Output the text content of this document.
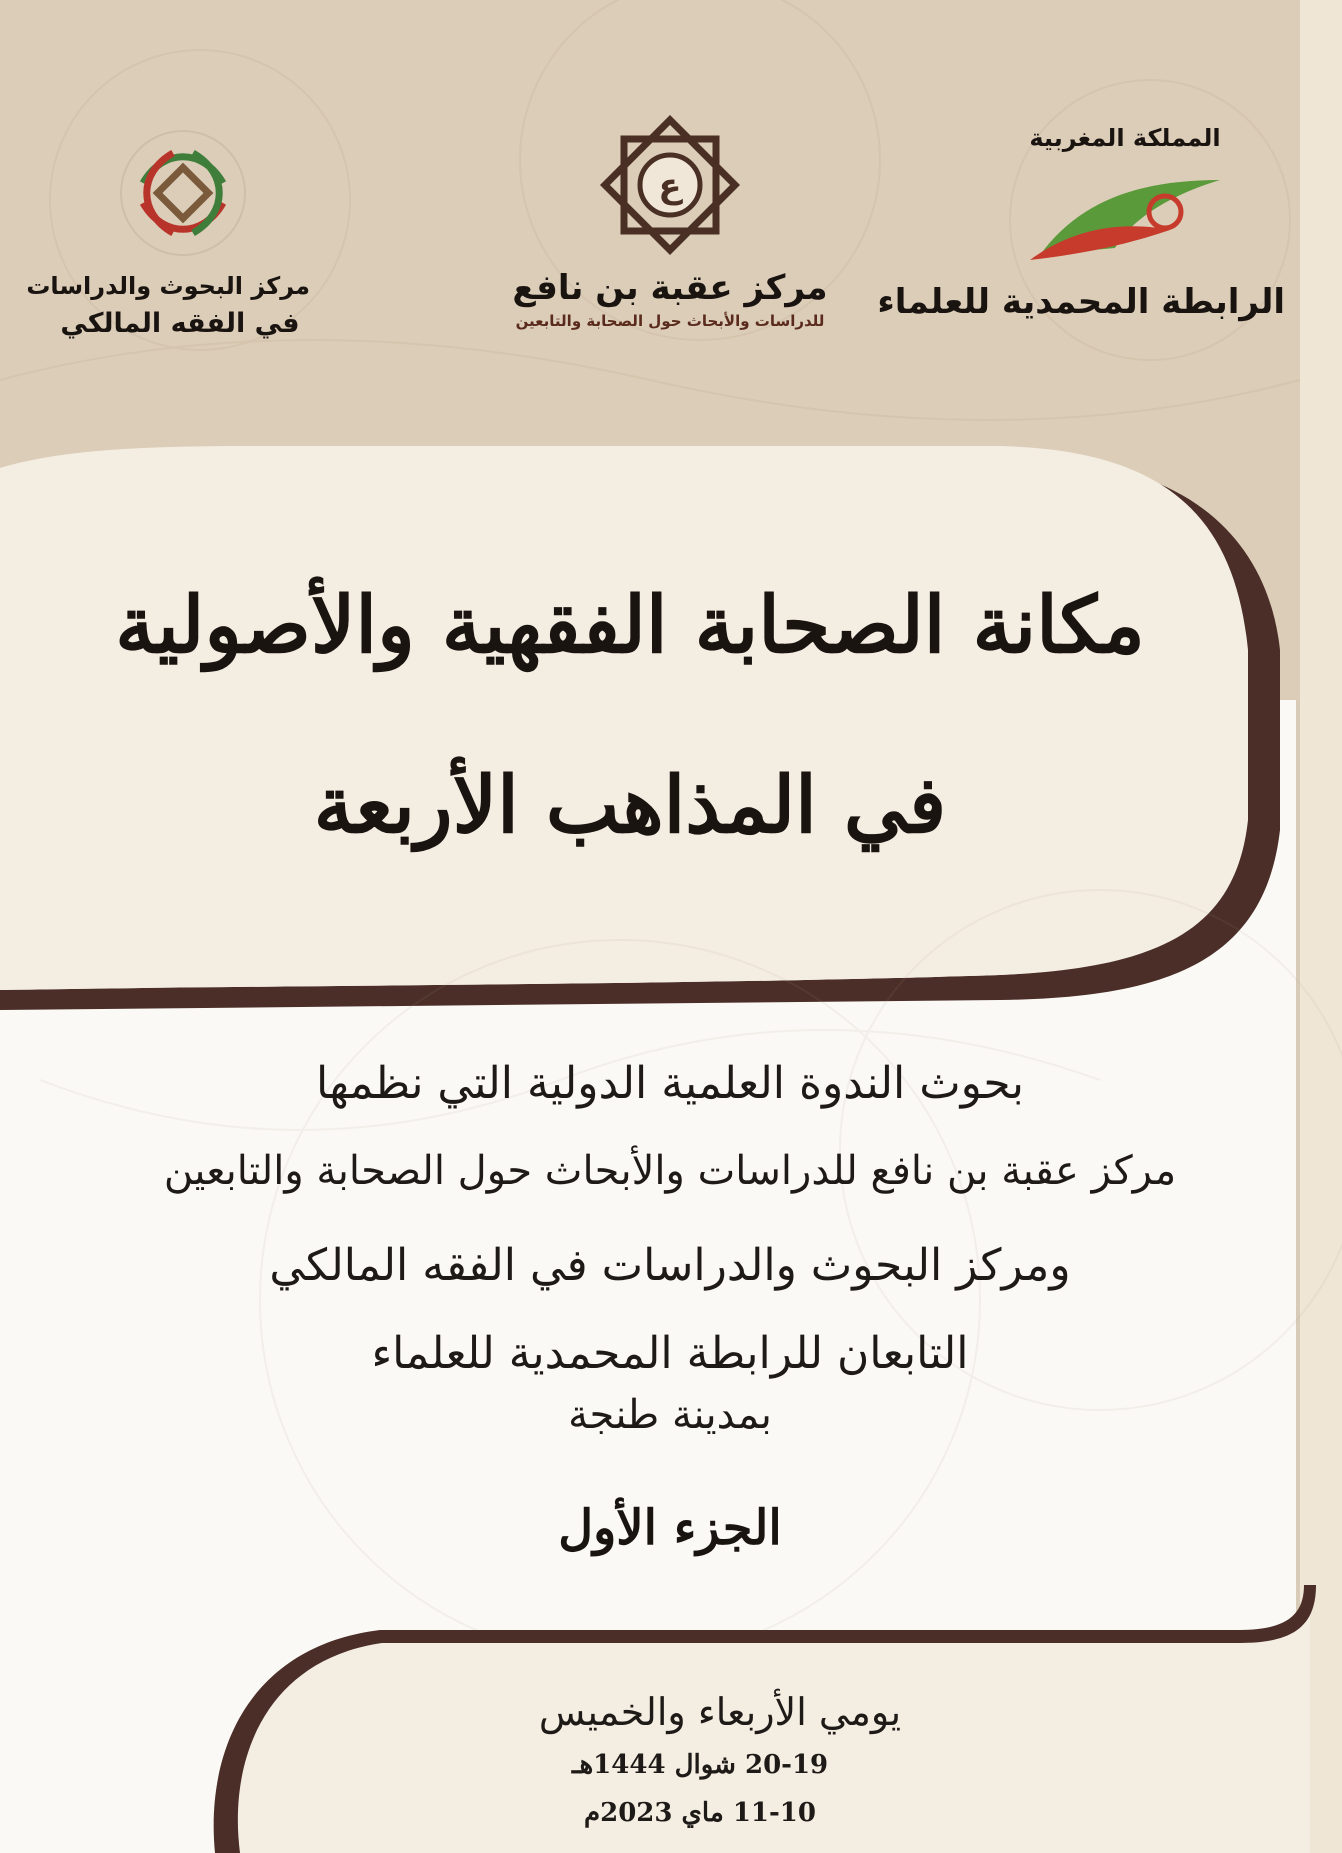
المملكة المغربية
الرابطة المحمدية للعلماء
ع
مركز عقبة بن نافع
للدراسات والأبحاث حول الصحابة والتابعين
مركز البحوث والدراسات
في الفقه المالكي
مكانة الصحابة الفقهية والأصولية
في المذاهب الأربعة
بحوث الندوة العلمية الدولية التي نظمها
مركز عقبة بن نافع للدراسات والأبحاث حول الصحابة والتابعين
ومركز البحوث والدراسات في الفقه المالكي
التابعان للرابطة المحمدية للعلماء
بمدينة طنجة
الجزء الأول
يومي الأربعاء والخميس
20-19 شوال 1444هـ
11-10 ماي 2023م
